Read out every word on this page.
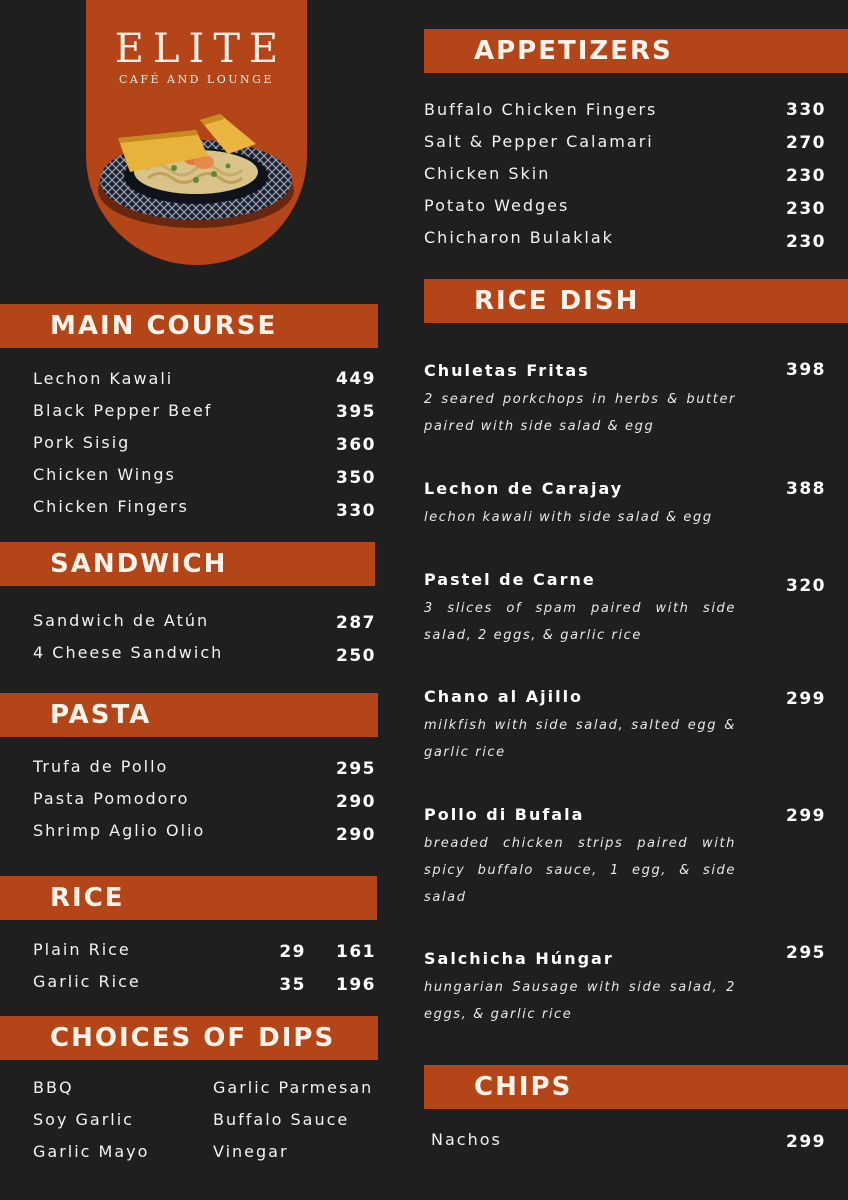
ELITE
CAFÉ AND LOUNGE
MAIN COURSE
Lechon Kawali	449
Black Pepper Beef	395
Pork Sisig	360
Chicken Wings	350
Chicken Fingers	330
SANDWICH
Sandwich de Atún	287
4 Cheese Sandwich	250
PASTA
Trufa de Pollo	295
Pasta Pomodoro	290
Shrimp Aglio Olio	290
RICE
Plain Rice	29 161
Garlic Rice	35 196
CHOICES OF DIPS
BBQ
Soy Garlic
Garlic Mayo
Garlic Parmesan
Buffalo Sauce
Vinegar
APPETIZERS
Buffalo Chicken Fingers	330
Salt & Pepper Calamari	270
Chicken Skin	230
Potato Wedges	230
Chicharon Bulaklak	230
RICE DISH
Chuletas Fritas	398
2 seared porkchops in herbs & butter paired with side salad & egg
Lechon de Carajay	388
lechon kawali with side salad & egg
Pastel de Carne	320
3 slices of spam paired with side salad, 2 eggs, & garlic rice
Chano al Ajillo	299
milkfish with side salad, salted egg & garlic rice
Pollo di Bufala	299
breaded chicken strips paired with spicy buffalo sauce, 1 egg, & side salad
Salchicha Húngar	295
hungarian Sausage with side salad, 2 eggs, & garlic rice
CHIPS
Nachos	299
